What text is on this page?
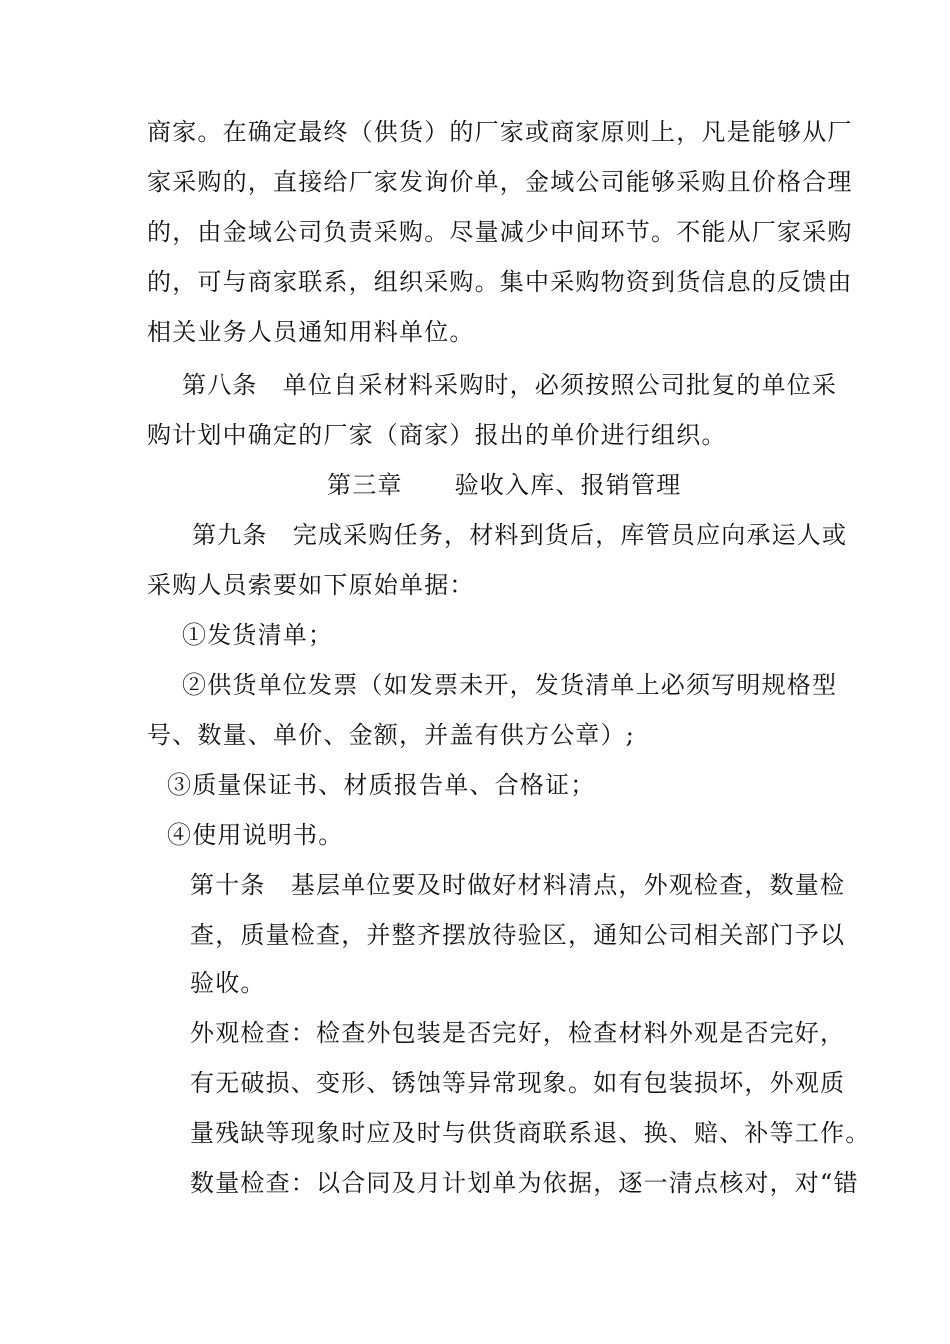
商家。在确定最终（供货）的厂家或商家原则上，凡是能够从厂
家采购的，直接给厂家发询价单，金域公司能够采购且价格合理
的，由金域公司负责采购。尽量减少中间环节。不能从厂家采购
的，可与商家联系，组织采购。集中采购物资到货信息的反馈由
相关业务人员通知用料单位。
第八条　单位自采材料采购时，必须按照公司批复的单位采
购计划中确定的厂家（商家）报出的单价进行组织。
第三章 验收入库、报销管理
第九条　完成采购任务，材料到货后，库管员应向承运人或
采购人员索要如下原始单据：
①发货清单；
②供货单位发票（如发票未开，发货清单上必须写明规格型
号、数量、单价、金额，并盖有供方公章）;
③质量保证书、材质报告单、合格证；
④使用说明书。
第十条　基层单位要及时做好材料清点，外观检查，数量检
查，质量检查，并整齐摆放待验区，通知公司相关部门予以
验收。
外观检查：检查外包装是否完好，检查材料外观是否完好，
有无破损、变形、锈蚀等异常现象。如有包装损坏，外观质
量残缺等现象时应及时与供货商联系退、换、赔、补等工作。
数量检查：以合同及月计划单为依据，逐一清点核对，对“错
